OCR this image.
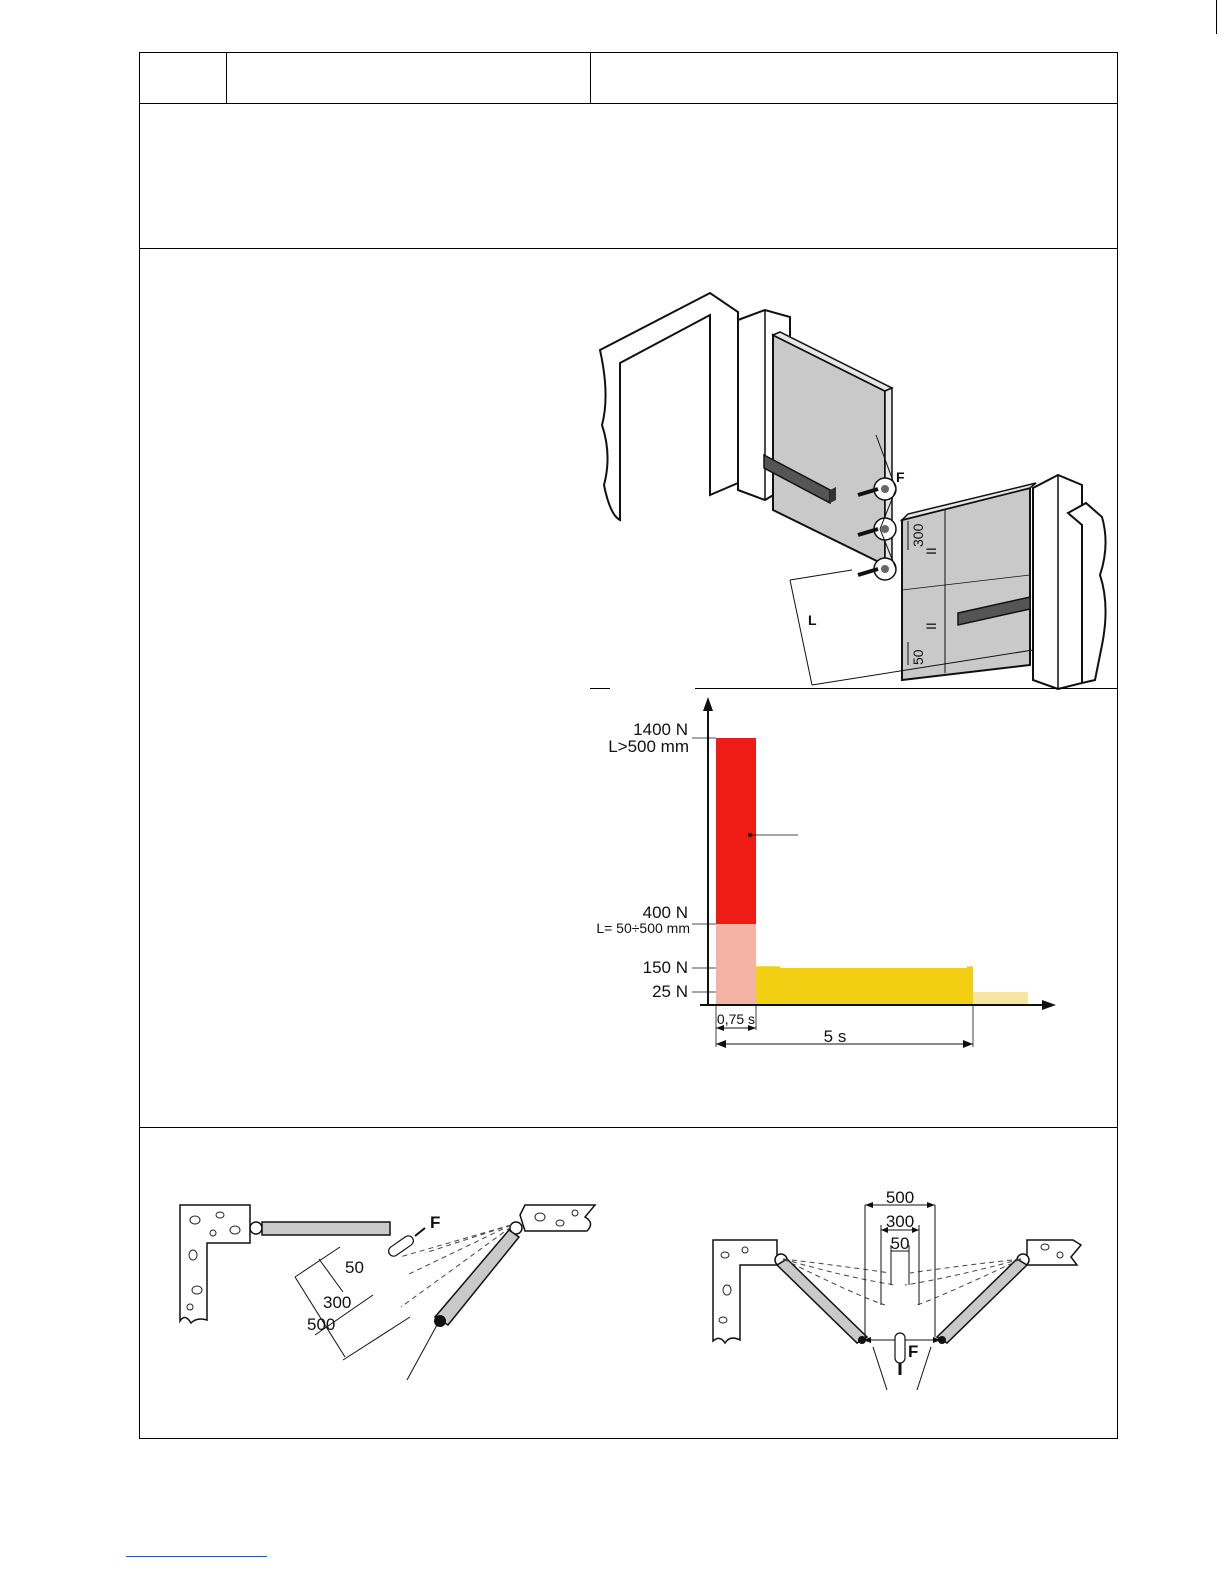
F
300
50
II
II
L
1400 N
L>500 mm
400 N
L= 50÷500 mm
150 N
25 N
0,75 s
5 s
F
50
300
500
500
300
50
F
